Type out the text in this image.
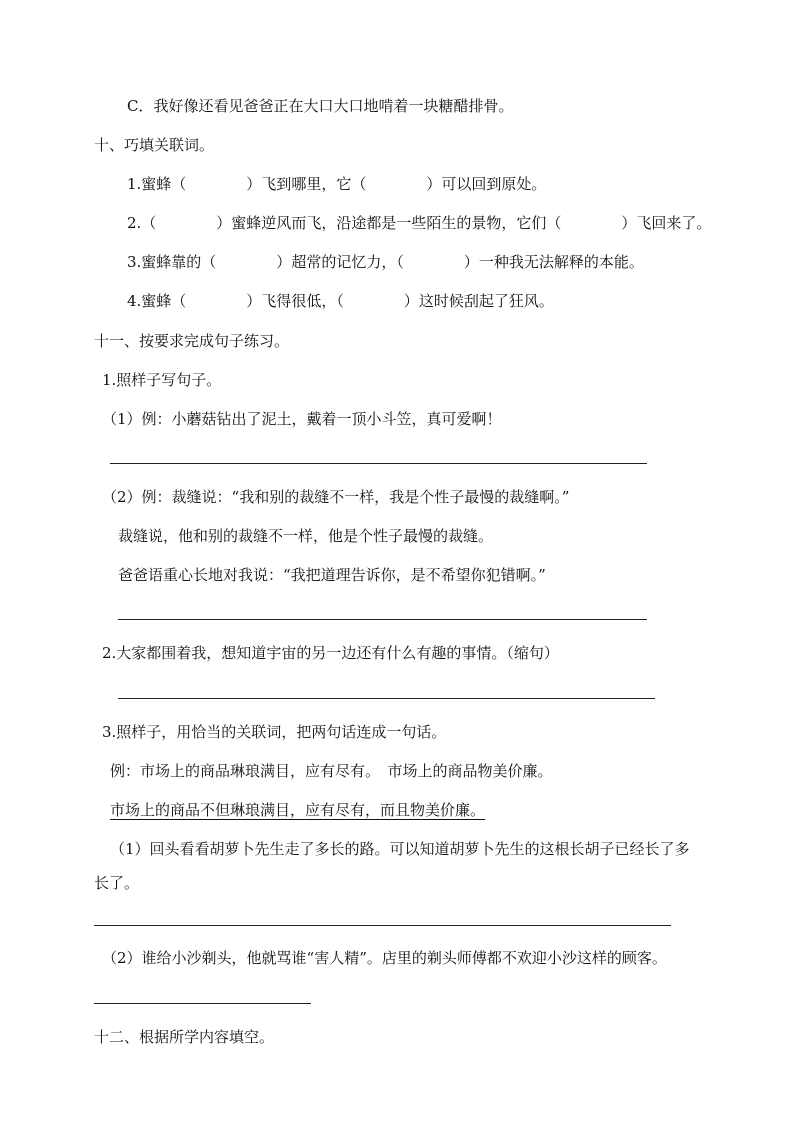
C．我好像还看见爸爸正在大口大口地啃着一块糖醋排骨。
十、巧填关联词。
1.蜜蜂（　　　　）飞到哪里，它（　　　　）可以回到原处。
2.（　　　　）蜜蜂逆风而飞，沿途都是一些陌生的景物，它们（　　　　）飞回来了。
3.蜜蜂靠的（　　　　）超常的记忆力，（　　　　）一种我无法解释的本能。
4.蜜蜂（　　　　）飞得很低，（　　　　）这时候刮起了狂风。
十一、按要求完成句子练习。
1.照样子写句子。
（1）例：小蘑菇钻出了泥土，戴着一顶小斗笠，真可爱啊！
（2）例：裁缝说：“我和别的裁缝不一样，我是个性子最慢的裁缝啊。”
裁缝说，他和别的裁缝不一样，他是个性子最慢的裁缝。
爸爸语重心长地对我说：“我把道理告诉你，是不希望你犯错啊。”
2.大家都围着我，想知道宇宙的另一边还有什么有趣的事情。（缩句）
3.照样子，用恰当的关联词，把两句话连成一句话。
例：市场上的商品琳琅满目，应有尽有。　市场上的商品物美价廉。
市场上的商品不但琳琅满目，应有尽有，而且物美价廉。
（1）回头看看胡萝卜先生走了多长的路。可以知道胡萝卜先生的这根长胡子已经长了多
长了。
（2）谁给小沙剃头，他就骂谁“害人精”。店里的剃头师傅都不欢迎小沙这样的顾客。
十二、根据所学内容填空。
